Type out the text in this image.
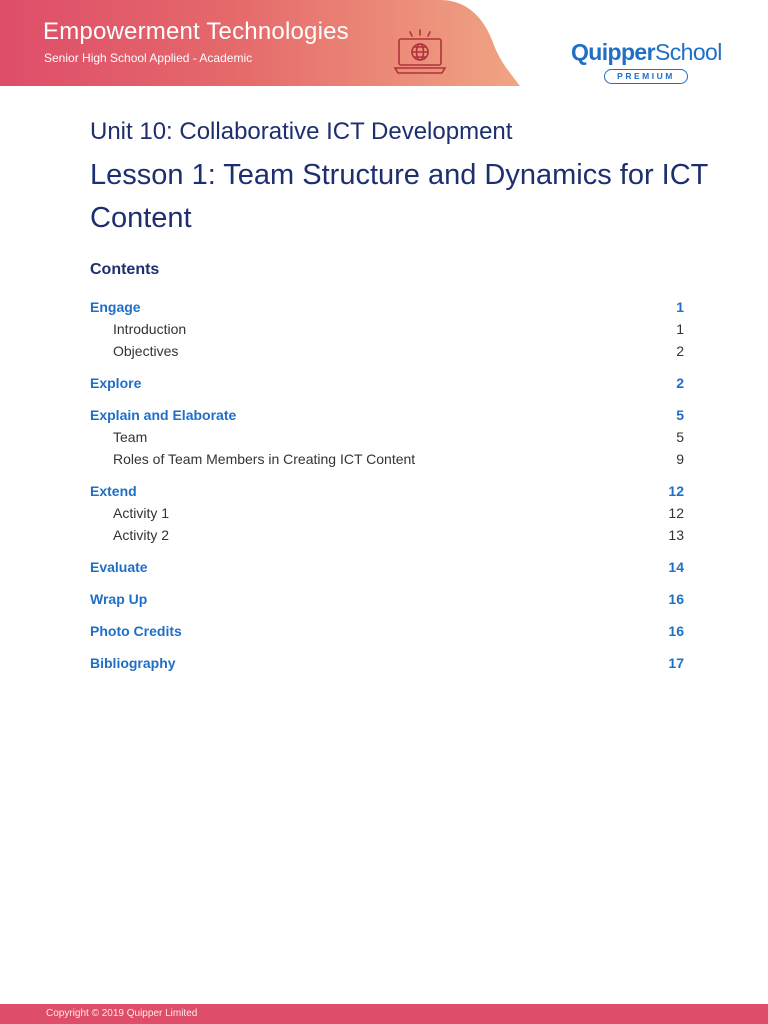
Empowerment Technologies
Senior High School Applied - Academic	QuipperSchool
PREMIUM
Unit 10: Collaborative ICT Development
Lesson 1: Team Structure and Dynamics for ICT Content
Contents
Engage	1
Introduction	1
Objectives	2
Explore	2
Explain and Elaborate	5
Team	5
Roles of Team Members in Creating ICT Content	9
Extend	12
Activity 1	12
Activity 2	13
Evaluate	14
Wrap Up	16
Photo Credits	16
Bibliography	17
Copyright © 2019 Quipper Limited
